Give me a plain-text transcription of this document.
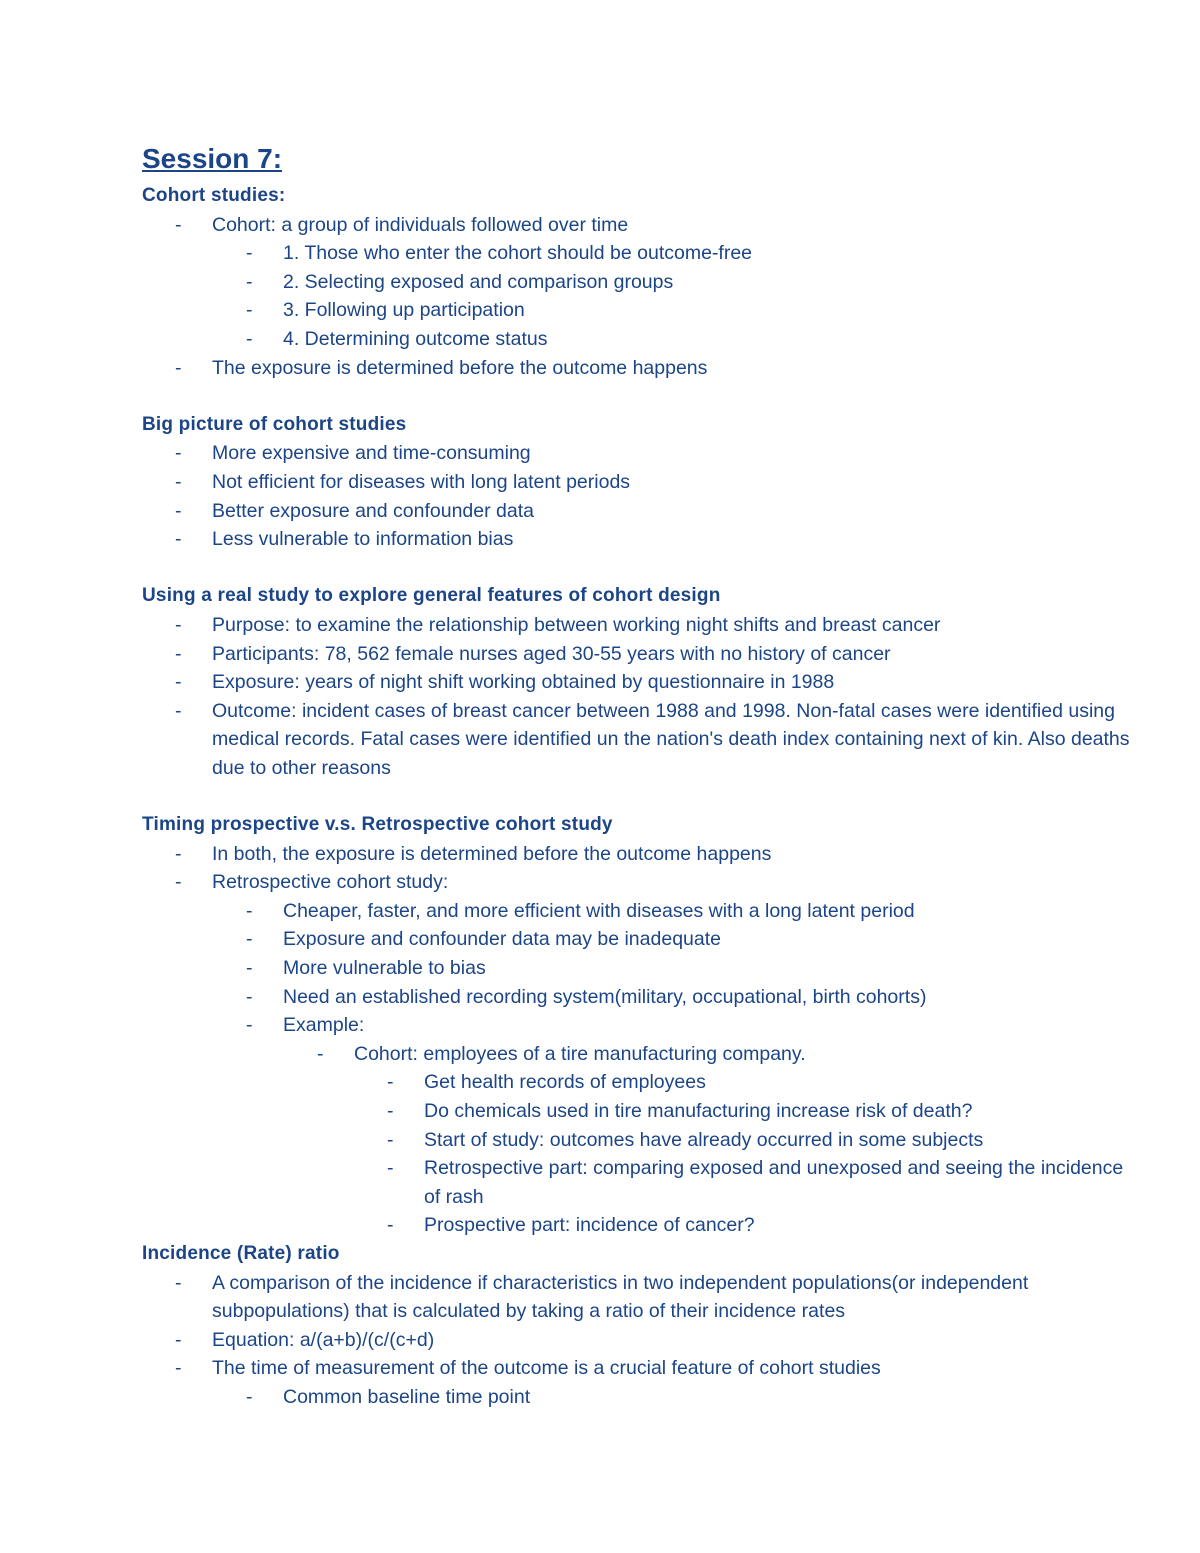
Session 7:
Cohort studies:
- Cohort: a group of individuals followed over time
- 1. Those who enter the cohort should be outcome-free
- 2. Selecting exposed and comparison groups
- 3. Following up participation
- 4. Determining outcome status
- The exposure is determined before the outcome happens
Big picture of cohort studies
- More expensive and time-consuming
- Not efficient for diseases with long latent periods
- Better exposure and confounder data
- Less vulnerable to information bias
Using a real study to explore general features of cohort design
- Purpose: to examine the relationship between working night shifts and breast cancer
- Participants: 78, 562 female nurses aged 30-55 years with no history of cancer
- Exposure: years of night shift working obtained by questionnaire in 1988
- Outcome: incident cases of breast cancer between 1988 and 1998. Non-fatal cases were identified using medical records. Fatal cases were identified un the nation's death index containing next of kin. Also deaths due to other reasons
Timing prospective v.s. Retrospective cohort study
- In both, the exposure is determined before the outcome happens
- Retrospective cohort study:
- Cheaper, faster, and more efficient with diseases with a long latent period
- Exposure and confounder data may be inadequate
- More vulnerable to bias
- Need an established recording system(military, occupational, birth cohorts)
- Example:
- Cohort: employees of a tire manufacturing company.
- Get health records of employees
- Do chemicals used in tire manufacturing increase risk of death?
- Start of study: outcomes have already occurred in some subjects
- Retrospective part: comparing exposed and unexposed and seeing the incidence of rash
- Prospective part: incidence of cancer?
Incidence (Rate) ratio
- A comparison of the incidence if characteristics in two independent populations(or independent subpopulations) that is calculated by taking a ratio of their incidence rates
- Equation: a/(a+b)/(c/(c+d)
- The time of measurement of the outcome is a crucial feature of cohort studies
- Common baseline time point
